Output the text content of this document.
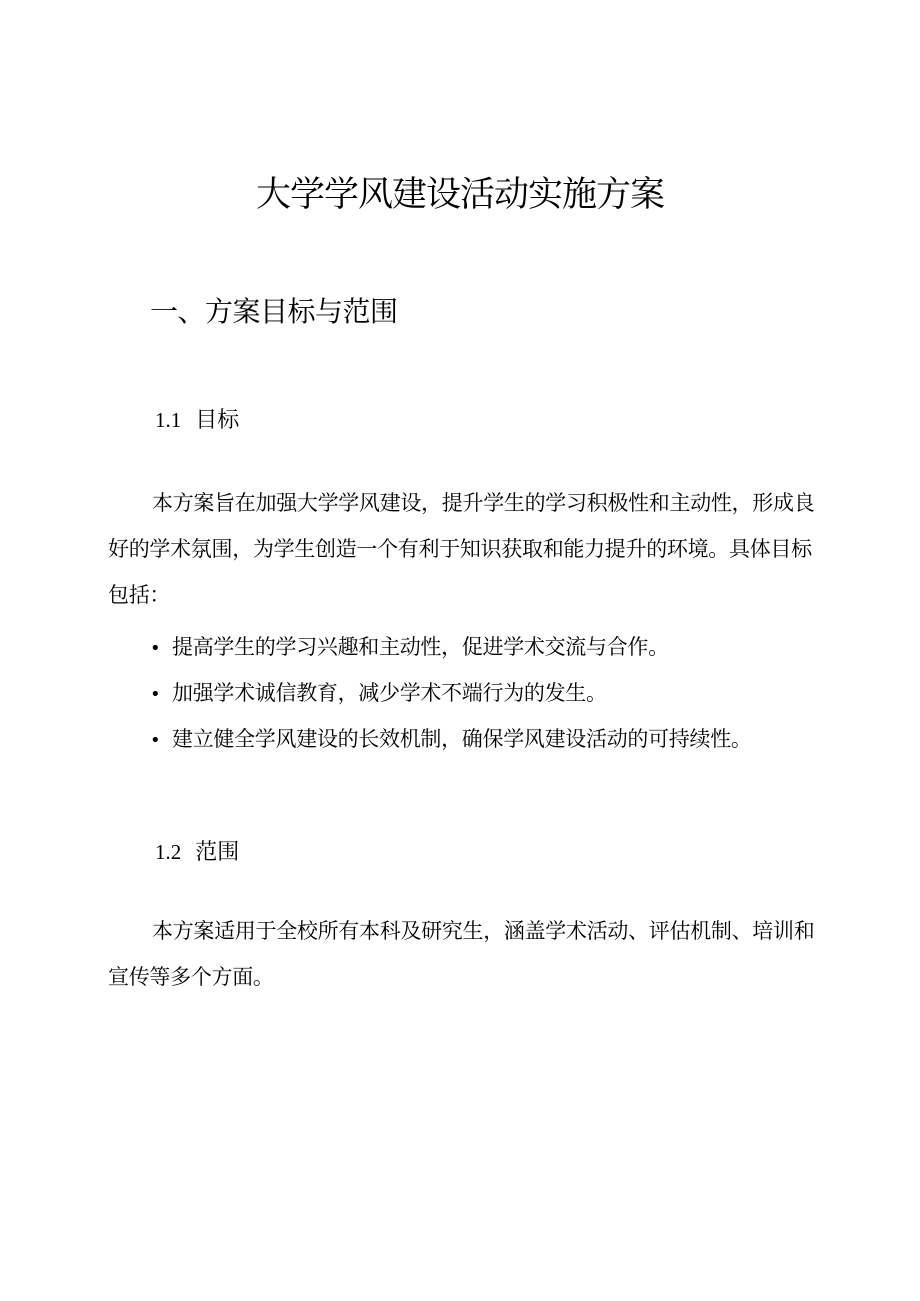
大学学风建设活动实施方案
一、方案目标与范围
1.1 目标

本方案旨在加强大学学风建设，提升学生的学习积极性和主动性，形成良好的学术氛围，为学生创造一个有利于知识获取和能力提升的环境。具体目标包括：

• 提高学生的学习兴趣和主动性，促进学术交流与合作。
• 加强学术诚信教育，减少学术不端行为的发生。
• 建立健全学风建设的长效机制，确保学风建设活动的可持续性。
1.2 范围

本方案适用于全校所有本科及研究生，涵盖学术活动、评估机制、培训和宣传等多个方面。
